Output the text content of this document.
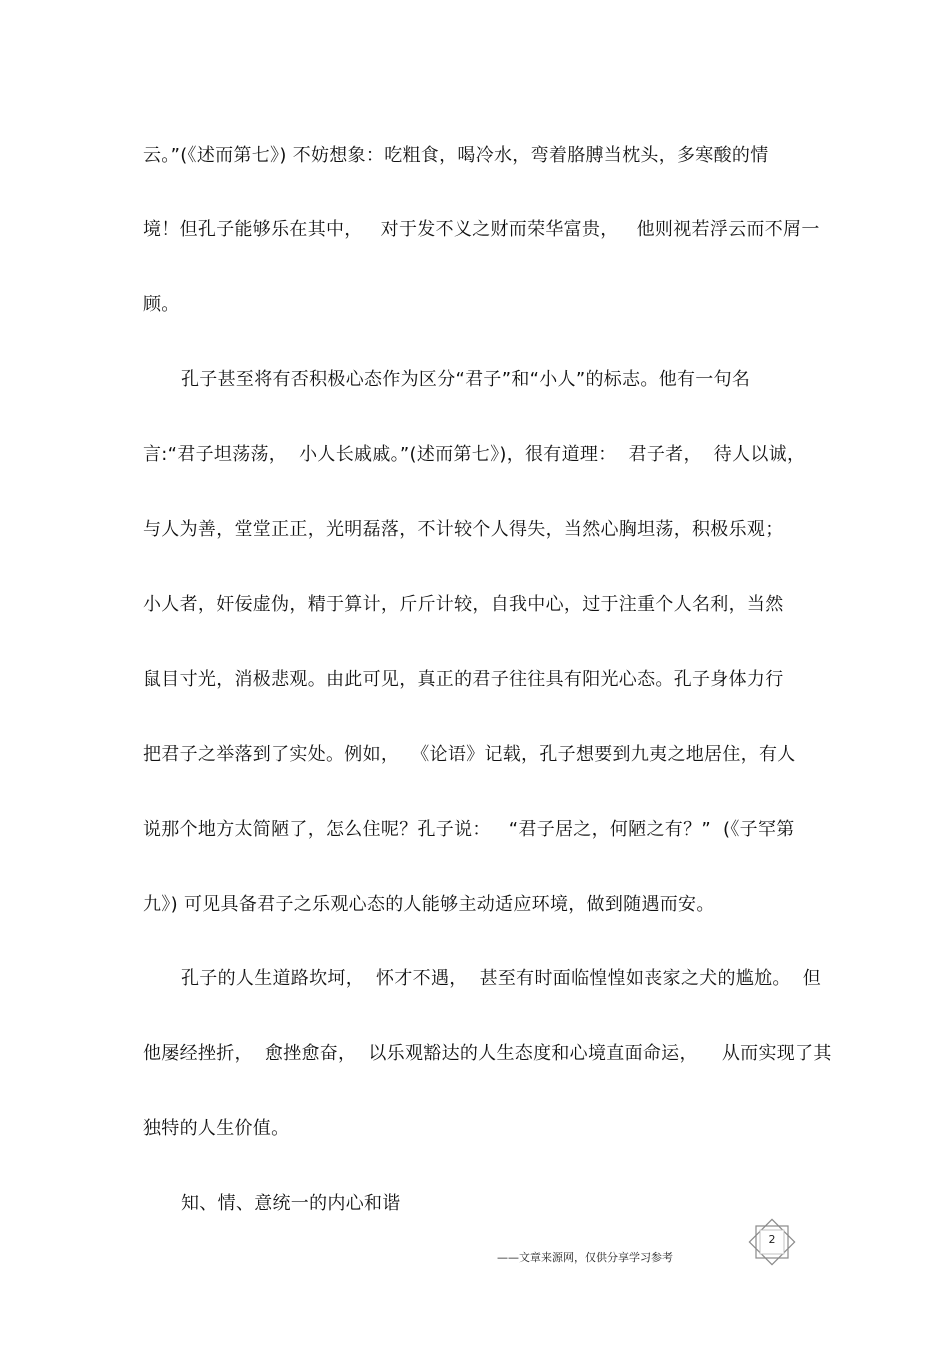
云。”(《述而第七》) 不妨想象：吃粗食，喝冷水，弯着胳膊当枕头，多寒酸的情
境！但孔子能够乐在其中，   对于发不义之财而荣华富贵，   他则视若浮云而不屑一
顾。
孔子甚至将有否积极心态作为区分“君子”和“小人”的标志。他有一句名
言:“君子坦荡荡，  小人长戚戚。”(述而第七》)，很有道理：  君子者，  待人以诚，
与人为善，堂堂正正，光明磊落，不计较个人得失，当然心胸坦荡，积极乐观；
小人者，奸佞虚伪，精于算计，斤斤计较，自我中心，过于注重个人名利，当然
鼠目寸光，消极悲观。由此可见，真正的君子往往具有阳光心态。孔子身体力行
把君子之举落到了实处。例如，  《论语》记载，孔子想要到九夷之地居住，有人
说那个地方太简陋了，怎么住呢？孔子说：   “君子居之，何陋之有？”  (《子罕第
九》) 可见具备君子之乐观心态的人能够主动适应环境，做到随遇而安。
孔子的人生道路坎坷，  怀才不遇，  甚至有时面临惶惶如丧家之犬的尴尬。  但
他屡经挫折，  愈挫愈奋，  以乐观豁达的人生态度和心境直面命运，    从而实现了其
独特的人生价值。
知、情、意统一的内心和谐
2
——文章来源网，仅供分享学习参考
